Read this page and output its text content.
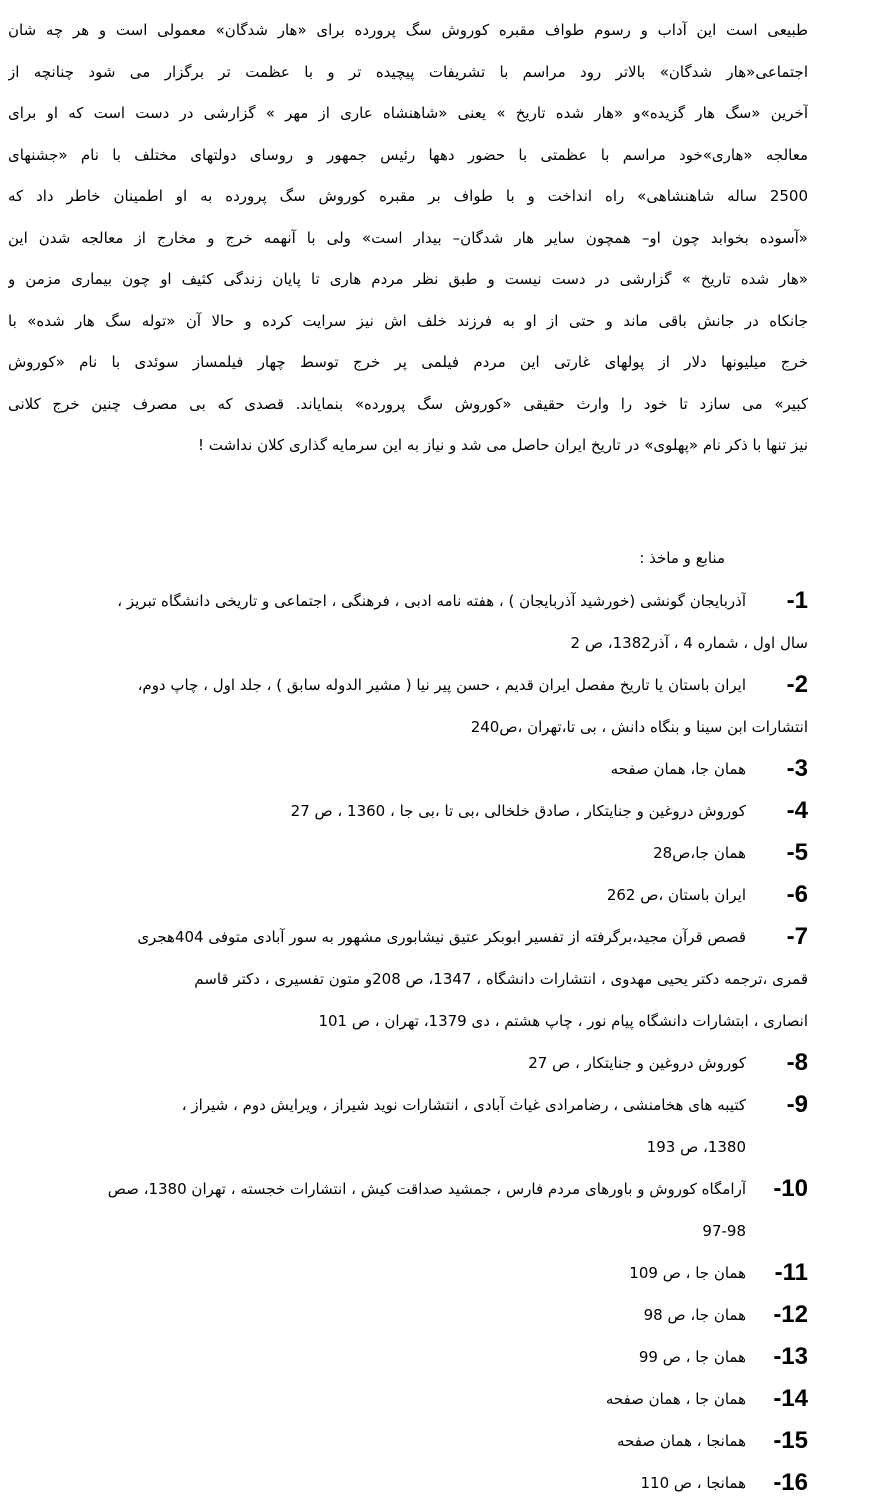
طبیعی است این آداب و رسوم طواف مقبره کوروش سگ پرورده برای «هار شدگان» معمولی است و هر چه شان
اجتماعی«هار شدگان» بالاتر رود مراسم با تشریفات پیچیده تر و با عظمت تر برگزار می شود چنانچه از
آخرین «سگ هار گزیده»و «هار شده تاریخ » یعنی «شاهنشاه عاری از مهر » گزارشی در دست است که او برای
معالجه «هاری»خود مراسم با عظمتی با حضور دهها رئیس جمهور و روسای دولتهای مختلف با نام «جشنهای
2500 ساله شاهنشاهی» راه انداخت و با طواف بر مقبره کوروش سگ پرورده به او اطمینان خاطر داد که
«آسوده بخوابد چون او– همچون سایر هار شدگان– بیدار است» ولی با آنهمه خرج و مخارج از معالجه شدن این
«هار شده تاریخ » گزارشی در دست نیست و طبق نظر مردم هاری تا پایان زندگی کثیف او چون بیماری مزمن و
جانکاه در جانش باقی ماند و حتی از او به فرزند خلف اش نیز سرایت کرده و حالا آن «توله سگ هار شده» با
خرج میلیونها دلار از پولهای غارتی این مردم فیلمی پر خرج توسط چهار فیلمساز سوئدی با نام «کوروش
کبیر» می سازد تا خود را وارث حقیقی «کوروش سگ پرورده» بنمایاند. قصدی که بی مصرف چنین خرج کلانی
نیز تنها با ذکر نام «پهلوی» در تاریخ ایران حاصل می شد و نیاز به این سرمایه گذاری کلان نداشت !
منابع و ماخذ :
-1
آذربایجان گونشی (خورشید آذربایجان ) ، هفته نامه ادبی ، فرهنگی ، اجتماعی و تاریخی دانشگاه تبریز ،
سال اول ، شماره 4 ، آذر1382، ص 2
-2
ایران باستان یا تاریخ مفصل ایران قدیم ، حسن پیر نیا ( مشیر الدوله سابق ) ، جلد اول ، چاپ دوم،
انتشارات ابن سینا و بنگاه دانش ، بی تا،تهران ،ص240
-3
همان جا، همان صفحه
-4
کوروش دروغین و جنایتکار ، صادق خلخالی ،بی تا ،بی جا ، 1360 ، ص 27
-5
همان جا،ص28
-6
ایران باستان ،ص 262
-7
قصص قرآن مجید،برگرفته از تفسیر ابوبکر عتیق نیشابوری مشهور به سور آبادی متوفی 404هجری
قمری ،ترجمه دکتر یحیی مهدوی ، انتشارات دانشگاه ، 1347، ص 208و متون تفسیری ، دکتر قاسم
انصاری ، ابتشارات دانشگاه پیام نور ، چاپ هشتم ، دی 1379، تهران ، ص 101
-8
کوروش دروغین و جنایتکار ، ص 27
-9
کتیبه های هخامنشی ، رضامرادی غیاث آبادی ، انتشارات نوید شیراز ، ویرایش دوم ، شیراز ،
1380، ص 193
-10
آرامگاه کوروش و باورهای مردم فارس ، جمشید صداقت کیش ، انتشارات خجسته ، تهران 1380، صص
97-98
-11
همان جا ، ص 109
-12
همان جا، ص 98
-13
همان جا ، ص 99
-14
همان جا ، همان صفحه
-15
همانجا ، همان صفحه
-16
همانجا ، ص 110
